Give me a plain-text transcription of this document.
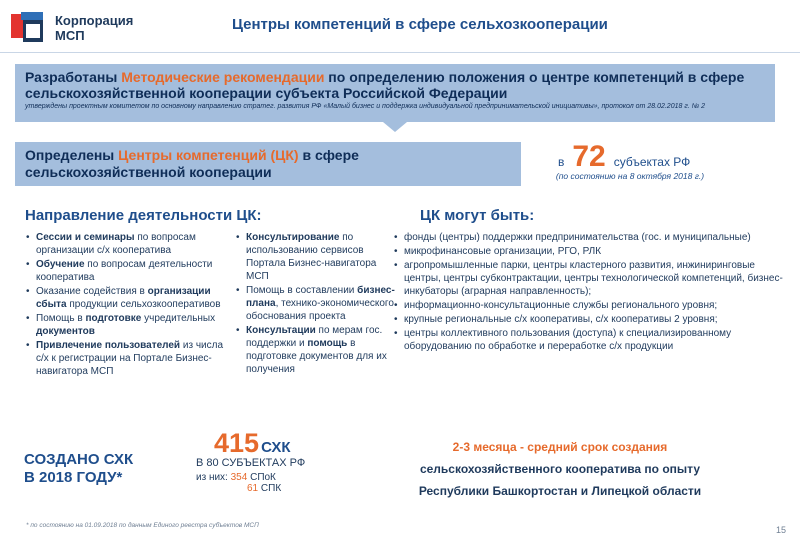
Корпорация
МСП
Центры компетенций в сфере сельхозкооперации
Разработаны Методические рекомендации по определению положения о центре компетенций в сфере сельскохозяйственной кооперации субъекта Российской Федерации
утверждены проектным комитетом по основному направлению стратег. развития РФ «Малый бизнес и поддержка индивидуальной предпринимательской инициативы», протокол от 28.02.2018 г. № 2
Определены Центры компетенций (ЦК) в сфере сельскохозяйственной кооперации
в 72 субъектах РФ
(по состоянию на 8 октября 2018 г.)
Направление деятельности ЦК:
• Сессии и семинары по вопросам организации с/х кооператива
• Обучение по вопросам деятельности кооператива
• Оказание содействия в организации сбыта продукции сельхозкооперативов
• Помощь в подготовке учредительных документов
• Привлечение пользователей из числа с/х к регистрации на Портале Бизнес- навигатора МСП
• Консультирование по использованию сервисов Портала Бизнес-навигатора МСП
• Помощь в составлении бизнес-плана, технико-экономического обоснования проекта
• Консультации по мерам гос. поддержки и помощь в подготовке документов для их получения
ЦК могут быть:
• фонды (центры) поддержки предпринимательства (гос. и муниципальные)
• микрофинансовые организации, РГО, РЛК
• агропромышленные парки, центры кластерного развития, инжиниринговые центры, центры субконтрактации, центры технологической компетенций, бизнес-инкубаторы (аграрная направленность);
• информационно-консультационные службы регионального уровня;
• крупные региональные с/х кооперативы, с/х кооперативы 2 уровня;
• центры коллективного пользования (доступа) к специализированному оборудованию по обработке и переработке с/х продукции
СОЗДАНО СХК
В 2018 ГОДУ*
415 СХК
В 80 СУБЪЕКТАХ РФ
из них: 354 СПоК
61 СПК
2-3 месяца - средний срок создания
сельскохозяйственного кооператива по опыту
Республики Башкортостан и Липецкой области
* по состоянию на 01.09.2018 по данным Единого реестра субъектов МСП	15
